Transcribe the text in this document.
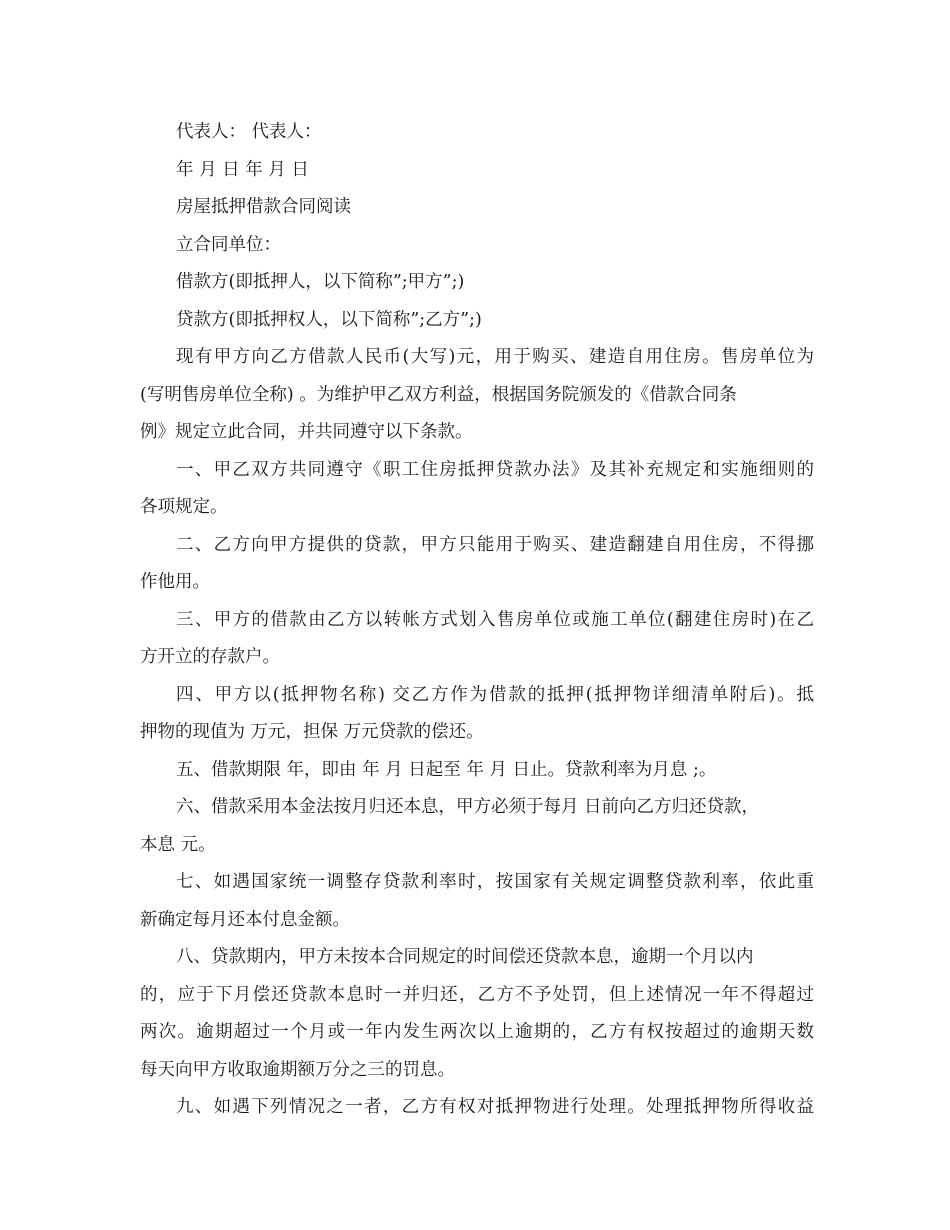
代表人： 代表人：
年 月 日 年 月 日
房屋抵押借款合同阅读
立合同单位：
借款方(即抵押人，以下简称”;甲方”;)
贷款方(即抵押权人，以下简称”;乙方”;)
现有甲方向乙方借款人民币(大写)元，用于购买、建造自用住房。售房单位为
(写明售房单位全称) 。为维护甲乙双方利益，根据国务院颁发的《借款合同条
例》规定立此合同，并共同遵守以下条款。
一、甲乙双方共同遵守《职工住房抵押贷款办法》及其补充规定和实施细则的
各项规定。
二、乙方向甲方提供的贷款，甲方只能用于购买、建造翻建自用住房，不得挪
作他用。
三、甲方的借款由乙方以转帐方式划入售房单位或施工单位(翻建住房时)在乙
方开立的存款户。
四、甲方以(抵押物名称) 交乙方作为借款的抵押(抵押物详细清单附后)。抵
押物的现值为 万元，担保 万元贷款的偿还。
五、借款期限 年，即由 年 月 日起至 年 月 日止。贷款利率为月息 ;。
六、借款采用本金法按月归还本息，甲方必须于每月 日前向乙方归还贷款，
本息 元。
七、如遇国家统一调整存贷款利率时，按国家有关规定调整贷款利率，依此重
新确定每月还本付息金额。
八、贷款期内，甲方未按本合同规定的时间偿还贷款本息，逾期一个月以内
的，应于下月偿还贷款本息时一并归还，乙方不予处罚，但上述情况一年不得超过
两次。逾期超过一个月或一年内发生两次以上逾期的，乙方有权按超过的逾期天数
每天向甲方收取逾期额万分之三的罚息。
九、如遇下列情况之一者，乙方有权对抵押物进行处理。处理抵押物所得收益
